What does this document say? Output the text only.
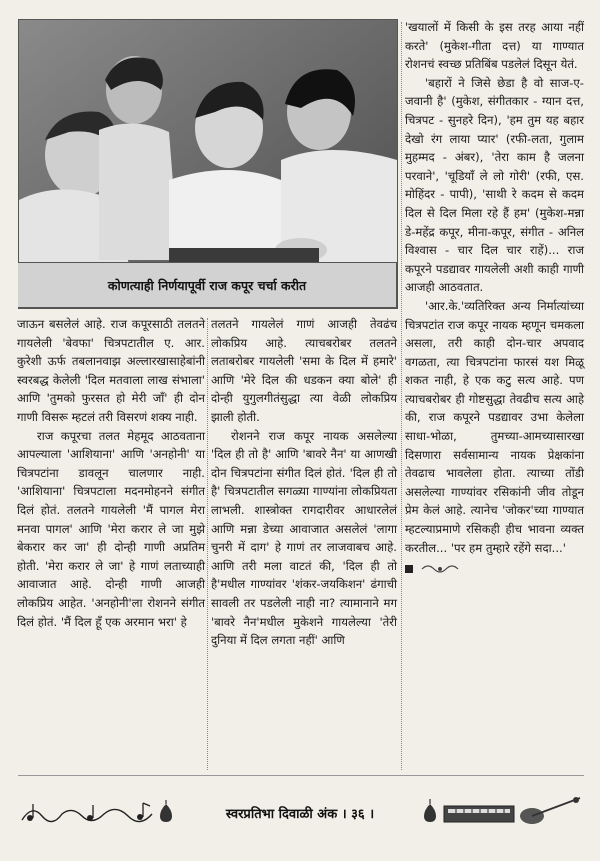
कोणत्याही निर्णयापूर्वी राज कपूर चर्चा करीत

जाऊन बसलेलं आहे. राज कपूरसाठी तलतने गायलेली 'बेवफा' चित्रपटातील ए. आर. कुरेशी ऊर्फ तबलानवाझ अल्लारखासाहेबांनी स्वरबद्ध केलेली 'दिल मतवाला लाख संभाला' आणि 'तुमको फुरसत हो मेरी जाँ' ही दोन गाणी विसरू म्हटलं तरी विसरणं शक्य नाही.

राज कपूरचा तलत मेहमूद आठवताना आपल्याला 'आशियाना' आणि 'अनहोनी' या चित्रपटांना डावलून चालणार नाही. 'आशियाना' चित्रपटाला मदनमोहनने संगीत दिलं होतं. तलतने गायलेली 'मैं पागल मेरा मनवा पागल' आणि 'मेरा करार ले जा मुझे बेकरार कर जा' ही दोन्ही गाणी अप्रतिम होती. 'मेरा करार ले जा' हे गाणं लताच्याही आवाजात आहे. दोन्ही गाणी आजही लोकप्रिय आहेत. 'अनहोनी'ला रोशनने संगीत दिलं होतं. 'मैं दिल हूँ एक अरमान भरा' हे

तलतने गायलेलं गाणं आजही तेवढंच लोकप्रिय आहे. त्याचबरोबर तलतने लताबरोबर गायलेली 'समा के दिल में हमारे' आणि 'मेरे दिल की धडकन क्या बोले' ही दोन्ही युगुलगीतंसुद्धा त्या वेळी लोकप्रिय झाली होती.

रोशनने राज कपूर नायक असलेल्या 'दिल ही तो है' आणि 'बावरे नैन' या आणखी दोन चित्रपटांना संगीत दिलं होतं. 'दिल ही तो है' चित्रपटातील सगळ्या गाण्यांना लोकप्रियता लाभली. शास्त्रोक्त रागदारीवर आधारलेलं आणि मन्ना डेच्या आवाजात असलेलं 'लागा चुनरी में दाग' हे गाणं तर लाजवाबच आहे. आणि तरी मला वाटतं की, 'दिल ही तो है'मधील गाण्यांवर 'शंकर-जयकिशन' ढंगाची सावली तर पडलेली नाही ना? त्यामानाने मग 'बावरे नैन'मधील मुकेशने गायलेल्या 'तेरी दुनिया में दिल लगता नहीं' आणि

'खयालों में किसी के इस तरह आया नहीं करते' (मुकेश-गीता दत्त) या गाण्यात रोशनचं स्वच्छ प्रतिबिंब पडलेलं दिसून येतं.

'बहारों ने जिसे छेडा है वो साज-ए-जवानी है' (मुकेश, संगीतकार - ग्यान दत्त, चित्रपट - सुनहरे दिन), 'हम तुम यह बहार देखो रंग लाया प्यार' (रफी-लता, गुलाम मुहम्मद - अंबर), 'तेरा काम है जलना परवाने', 'चूडियाँ ले लो गोरी' (रफी, एस. मोहिंदर - पापी), 'साथी रे कदम से कदम दिल से दिल मिला रहे हैं हम' (मुकेश-मन्ना डे-महेंद्र कपूर, मीना-कपूर, संगीत - अनिल विश्वास - चार दिल चार राहें)... राज कपूरने पडद्यावर गायलेली अशी काही गाणी आजही आठवतात.

'आर.के.'व्यतिरिक्त अन्य निर्मात्यांच्या चित्रपटांत राज कपूर नायक म्हणून चमकला असला, तरी काही दोन-चार अपवाद वगळता, त्या चित्रपटांना फारसं यश मिळू शकत नाही, हे एक कटु सत्य आहे. पण त्याचबरोबर ही गोष्टसुद्धा तेवढीच सत्य आहे की, राज कपूरने पडद्यावर उभा केलेला साधा-भोळा, तुमच्या-आमच्यासारखा दिसणारा सर्वसामान्य नायक प्रेक्षकांना तेवढाच भावलेला होता. त्याच्या तोंडी असलेल्या गाण्यांवर रसिकांनी जीव तोडून प्रेम केलं आहे. त्यानेच 'जोकर'च्या गाण्यात म्हटल्याप्रमाणे रसिकही हीच भावना व्यक्त करतील... 'पर हम तुम्हारे रहेंगे सदा...'

स्वरप्रतिभा दिवाळी अंक । ३६ ।
